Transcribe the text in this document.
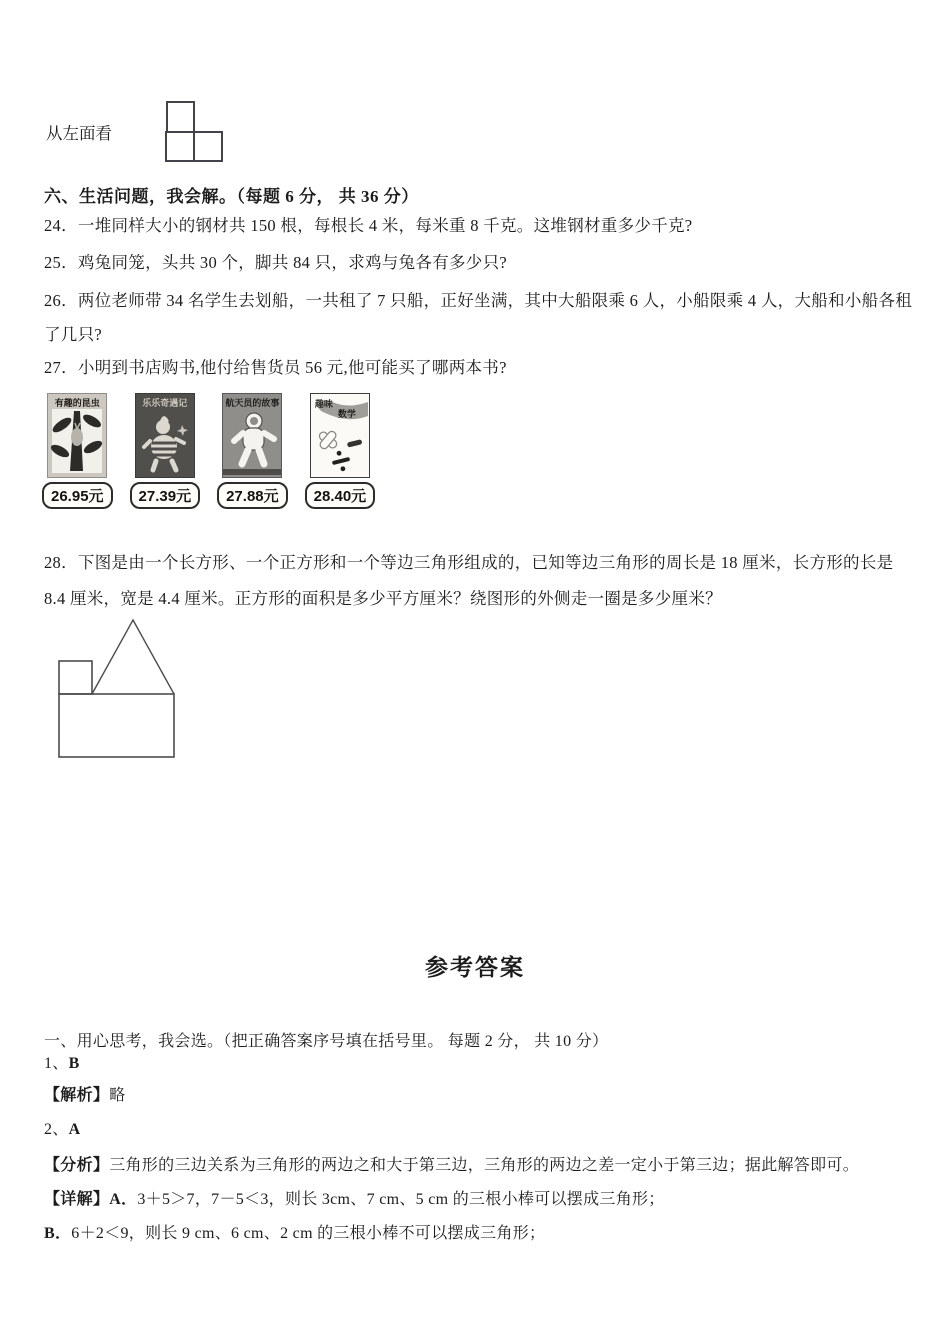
从左面看
六、生活问题，我会解。（每题 6 分， 共 36 分）
24．一堆同样大小的钢材共 150 根，每根长 4 米，每米重 8 千克。这堆钢材重多少千克?
25．鸡兔同笼，头共 30 个，脚共 84 只，求鸡与兔各有多少只?
26．两位老师带 34 名学生去划船，一共租了 7 只船，正好坐满，其中大船限乘 6 人，小船限乘 4 人，大船和小船各租
了几只?
27．小明到书店购书,他付给售货员 56 元,他可能买了哪两本书?
有趣的昆虫
26.95元
乐乐奇遇记
27.39元
航天员的故事
27.88元
趣味
数学
28.40元
28．下图是由一个长方形、一个正方形和一个等边三角形组成的，已知等边三角形的周长是 18 厘米，长方形的长是
8.4 厘米，宽是 4.4 厘米。正方形的面积是多少平方厘米？绕图形的外侧走一圈是多少厘米？
参考答案
一、用心思考，我会选。（把正确答案序号填在括号里。 每题 2 分， 共 10 分）
1、B
【解析】略
2、A
【分析】三角形的三边关系为三角形的两边之和大于第三边，三角形的两边之差一定小于第三边；据此解答即可。
【详解】A．3＋5＞7，7－5＜3，则长 3cm、7 cm、5 cm 的三根小棒可以摆成三角形；
B．6＋2＜9，则长 9 cm、6 cm、2 cm 的三根小棒不可以摆成三角形；
